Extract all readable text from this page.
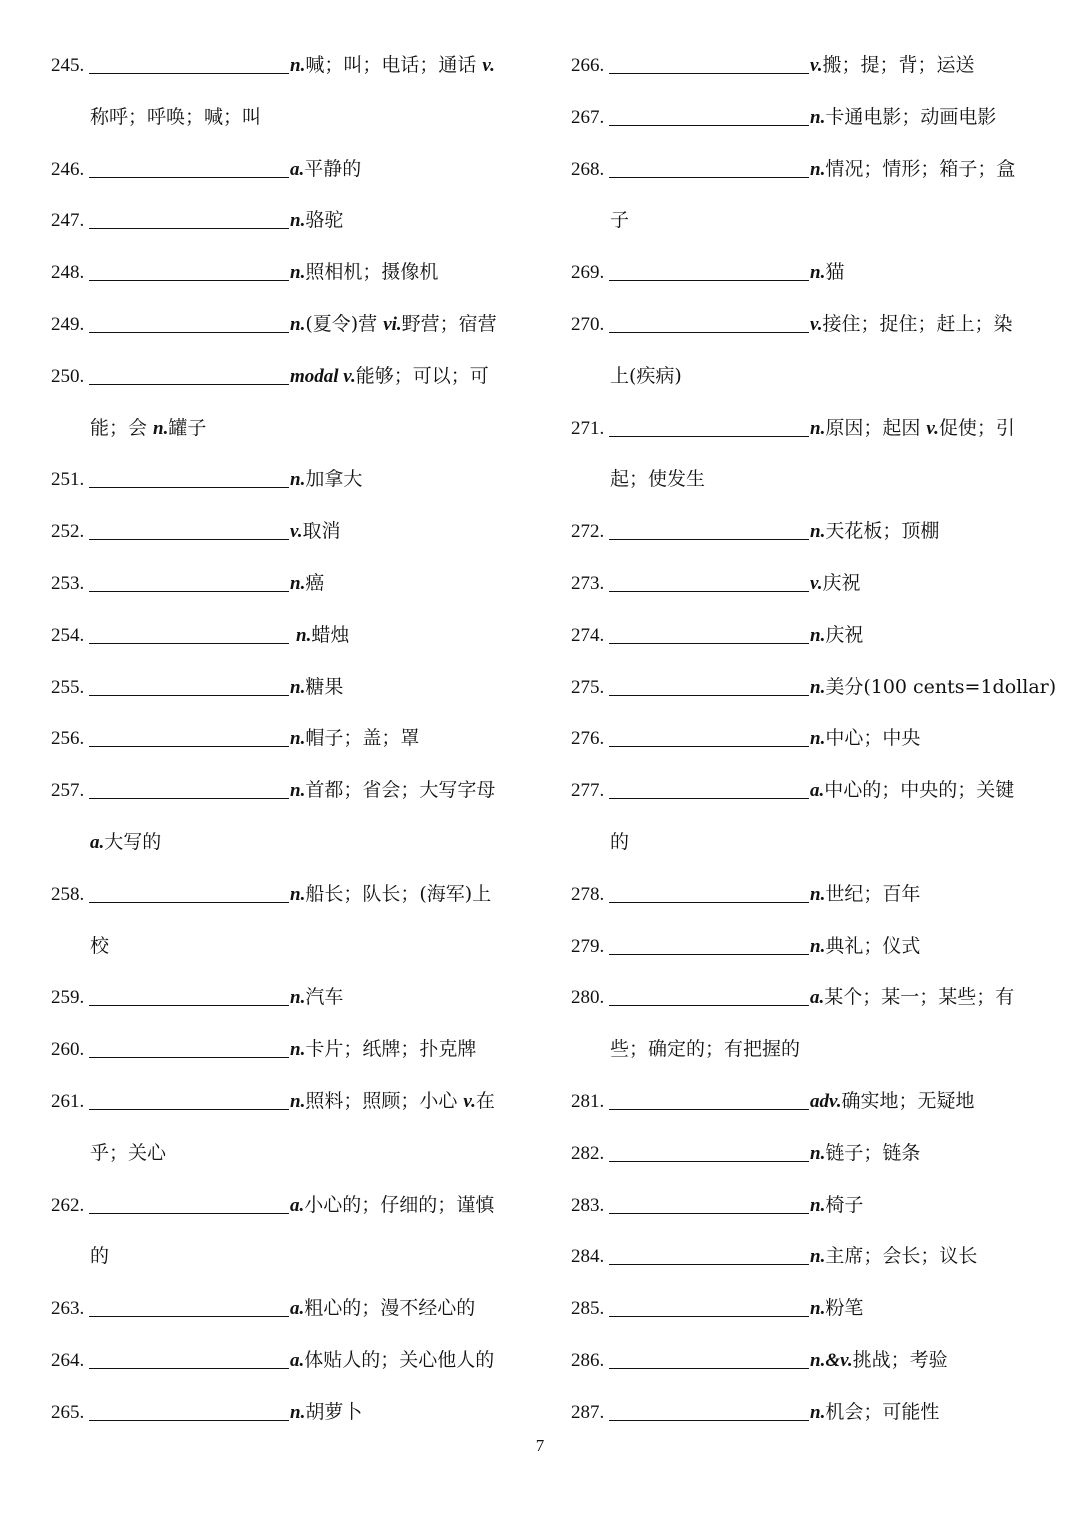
245.	n.喊；叫；电话；通话 v.
称呼；呼唤；喊；叫
246.	a.平静的
247.	n.骆驼
248.	n.照相机；摄像机
249.	n.(夏令)营 vi.野营；宿营
250.	modal v.能够；可以；可
能；会 n.罐子
251.	n.加拿大
252.	v.取消
253.	n.癌
254.	n.蜡烛
255.	n.糖果
256.	n.帽子；盖；罩
257.	n.首都；省会；大写字母
a.大写的
258.	n.船长；队长；(海军)上
校
259.	n.汽车
260.	n.卡片；纸牌；扑克牌
261.	n.照料；照顾；小心 v.在
乎；关心
262.	a.小心的；仔细的；谨慎
的
263.	a.粗心的；漫不经心的
264.	a.体贴人的；关心他人的
265.	n.胡萝卜
266.	v.搬；提；背；运送
267.	n.卡通电影；动画电影
268.	n.情况；情形；箱子；盒
子
269.	n.猫
270.	v.接住；捉住；赶上；染
上(疾病)
271.	n.原因；起因 v.促使；引
起；使发生
272.	n.天花板；顶棚
273.	v.庆祝
274.	n.庆祝
275.	n.美分(100 cents=1dollar)
276.	n.中心；中央
277.	a.中心的；中央的；关键
的
278.	n.世纪；百年
279.	n.典礼；仪式
280.	a.某个；某一；某些；有
些；确定的；有把握的
281.	adv.确实地；无疑地
282.	n.链子；链条
283.	n.椅子
284.	n.主席；会长；议长
285.	n.粉笔
286.	n.&v.挑战；考验
287.	n.机会；可能性
7
